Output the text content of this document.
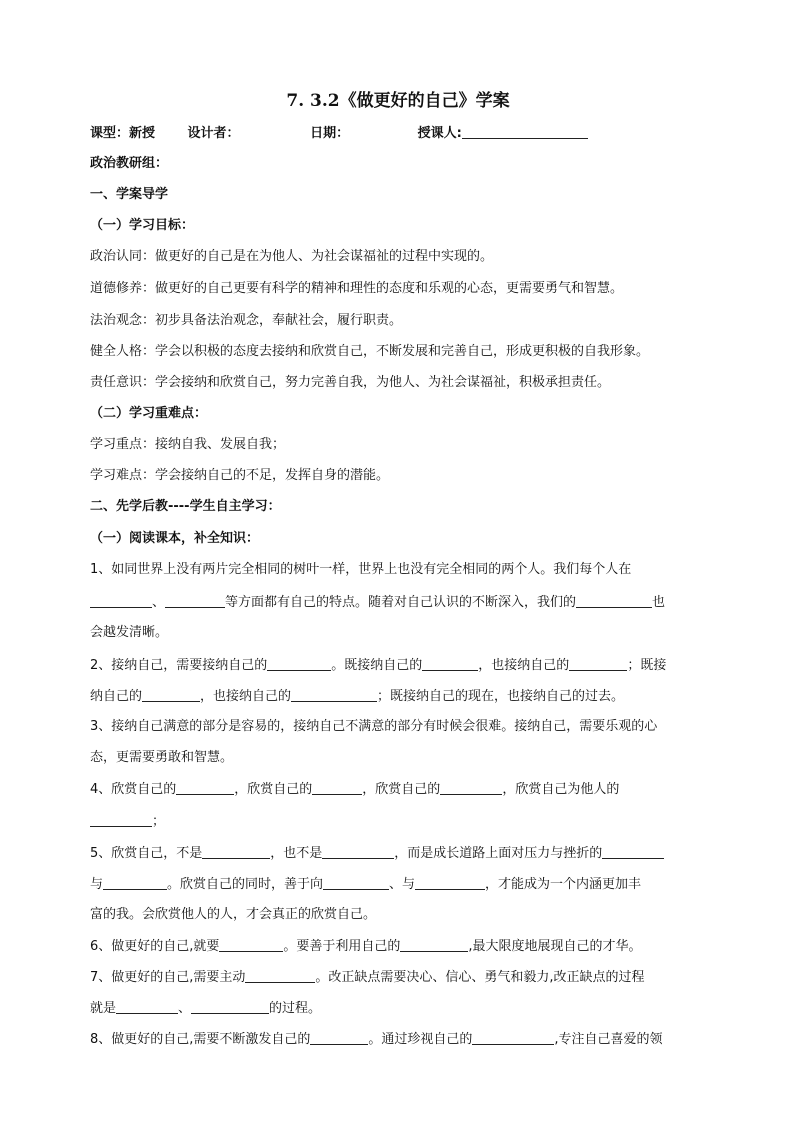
7. 3.2《做更好的自己》学案
课型：新授	设计者：	日期：	授课人:
政治教研组：
一、学案导学
（一）学习目标：
政治认同：做更好的自己是在为他人、为社会谋福祉的过程中实现的。
道德修养：做更好的自己更要有科学的精神和理性的态度和乐观的心态，更需要勇气和智慧。
法治观念：初步具备法治观念，奉献社会，履行职责。
健全人格：学会以积极的态度去接纳和欣赏自己，不断发展和完善自己，形成更积极的自我形象。
责任意识：学会接纳和欣赏自己，努力完善自我，为他人、为社会谋福祉，积极承担责任。
（二）学习重难点：
学习重点：接纳自我、发展自我；
学习难点：学会接纳自己的不足，发挥自身的潜能。
二、先学后教----学生自主学习：
（一）阅读课本，补全知识：
1、如同世界上没有两片完全相同的树叶一样，世界上也没有完全相同的两个人。我们每个人在
、	等方面都有自己的特点。随着对自己认识的不断深入，我们的	也
会越发清晰。
2、接纳自己，需要接纳自己的	。既接纳自己的	，也接纳自己的	；既接
纳自己的	，也接纳自己的	；既接纳自己的现在，也接纳自己的过去。
3、接纳自己满意的部分是容易的，接纳自己不满意的部分有时候会很难。接纳自己，需要乐观的心
态，更需要勇敢和智慧。
4、欣赏自己的	，欣赏自己的	，欣赏自己的	，欣赏自己为他人的
；
5、欣赏自己，不是	，也不是	，而是成长道路上面对压力与挫折的
与	。欣赏自己的同时，善于向	、与	，才能成为一个内涵更加丰
富的我。会欣赏他人的人，才会真正的欣赏自己。
6、做更好的自己,就要	。要善于利用自己的	,最大限度地展现自己的才华。
7、做更好的自己,需要主动	。改正缺点需要决心、信心、勇气和毅力,改正缺点的过程
就是	、	的过程。
8、做更好的自己,需要不断激发自己的	。通过珍视自己的	,专注自己喜爱的领
